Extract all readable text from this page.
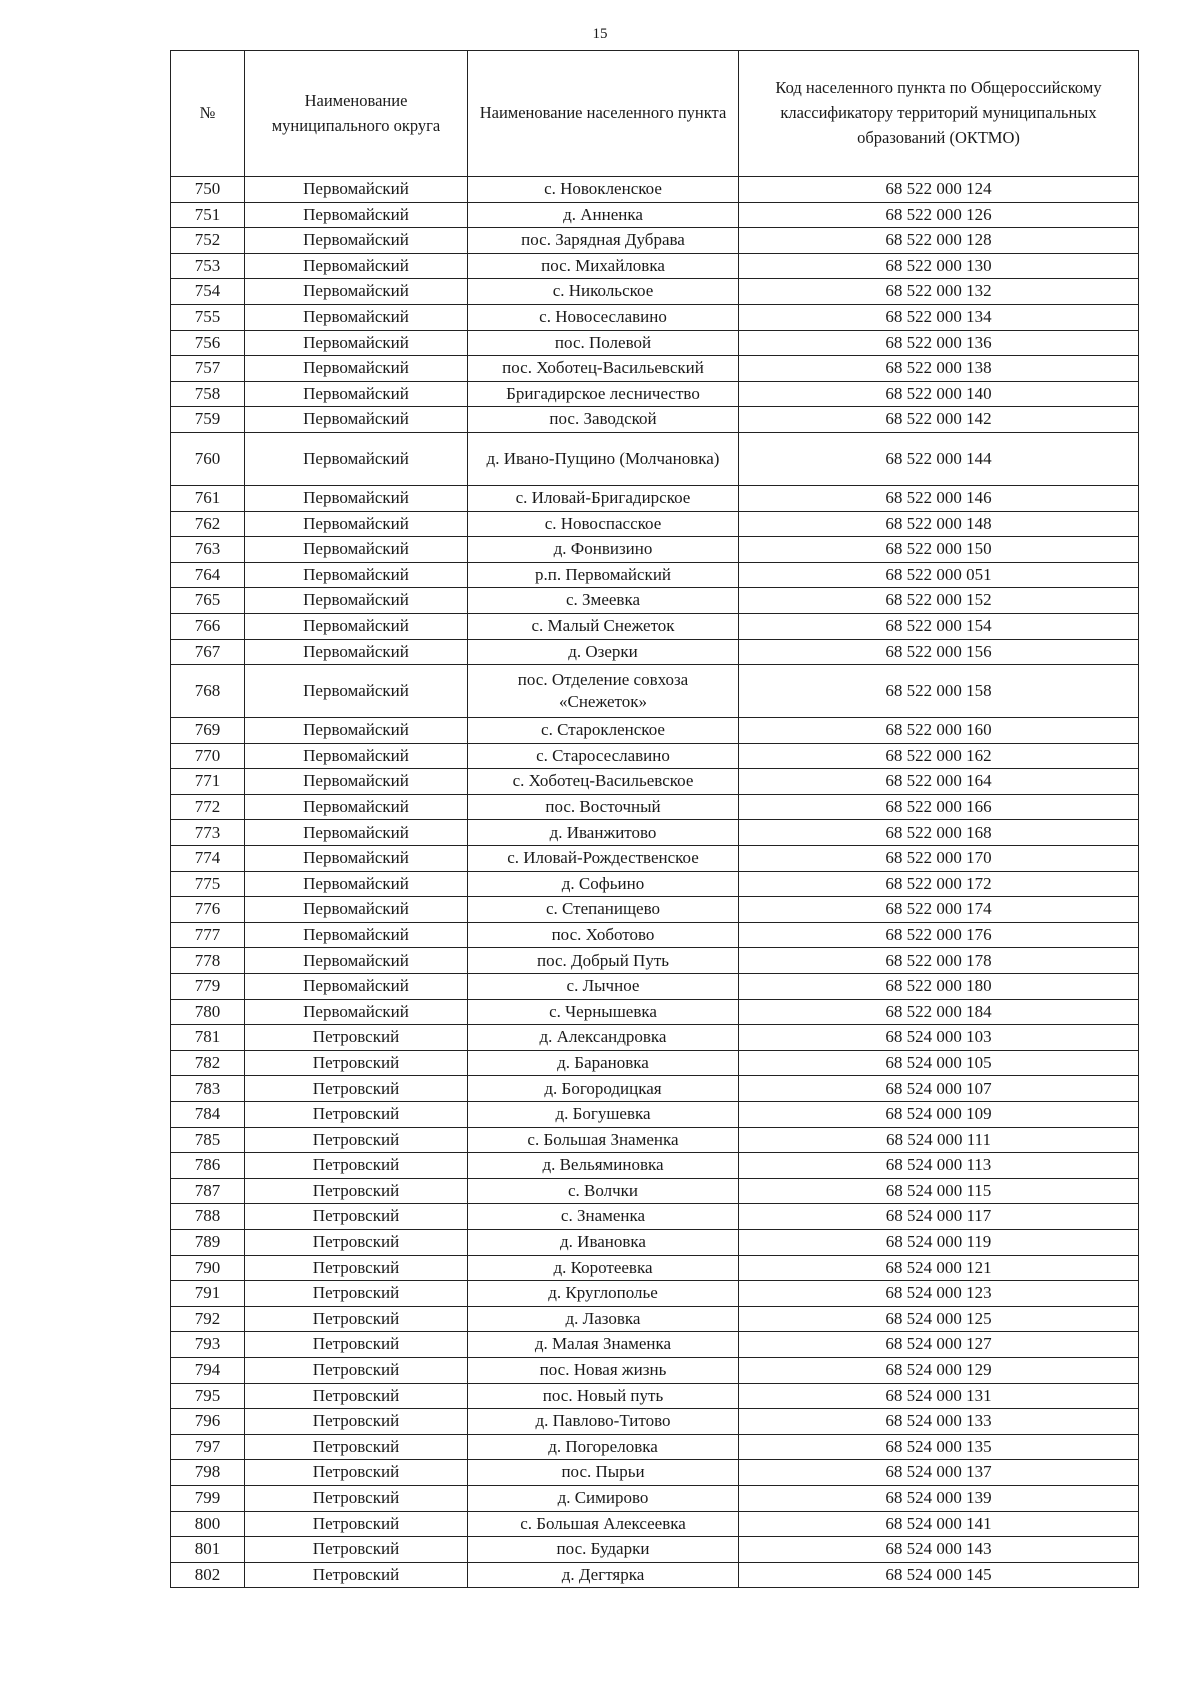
15
№	Наименование муниципального округа	Наименование населенного пункта	Код населенного пункта по Общероссийскому классификатору территорий муниципальных образований (ОКТМО)
750	Первомайский	с. Новокленское	68 522 000 124
751	Первомайский	д. Анненка	68 522 000 126
752	Первомайский	пос. Зарядная Дубрава	68 522 000 128
753	Первомайский	пос. Михайловка	68 522 000 130
754	Первомайский	с. Никольское	68 522 000 132
755	Первомайский	с. Новосеславино	68 522 000 134
756	Первомайский	пос. Полевой	68 522 000 136
757	Первомайский	пос. Хоботец-Васильевский	68 522 000 138
758	Первомайский	Бригадирское лесничество	68 522 000 140
759	Первомайский	пос. Заводской	68 522 000 142
760	Первомайский	д. Ивано-Пущино (Молчановка)	68 522 000 144
761	Первомайский	с. Иловай-Бригадирское	68 522 000 146
762	Первомайский	с. Новоспасское	68 522 000 148
763	Первомайский	д. Фонвизино	68 522 000 150
764	Первомайский	р.п. Первомайский	68 522 000 051
765	Первомайский	с. Змеевка	68 522 000 152
766	Первомайский	с. Малый Снежеток	68 522 000 154
767	Первомайский	д. Озерки	68 522 000 156
768	Первомайский	пос. Отделение совхоза «Снежеток»	68 522 000 158
769	Первомайский	с. Старокленское	68 522 000 160
770	Первомайский	с. Старосеславино	68 522 000 162
771	Первомайский	с. Хоботец-Васильевское	68 522 000 164
772	Первомайский	пос. Восточный	68 522 000 166
773	Первомайский	д. Иванжитово	68 522 000 168
774	Первомайский	с. Иловай-Рождественское	68 522 000 170
775	Первомайский	д. Софьино	68 522 000 172
776	Первомайский	с. Степанищево	68 522 000 174
777	Первомайский	пос. Хоботово	68 522 000 176
778	Первомайский	пос. Добрый Путь	68 522 000 178
779	Первомайский	с. Лычное	68 522 000 180
780	Первомайский	с. Чернышевка	68 522 000 184
781	Петровский	д. Александровка	68 524 000 103
782	Петровский	д. Барановка	68 524 000 105
783	Петровский	д. Богородицкая	68 524 000 107
784	Петровский	д. Богушевка	68 524 000 109
785	Петровский	с. Большая Знаменка	68 524 000 111
786	Петровский	д. Вельяминовка	68 524 000 113
787	Петровский	с. Волчки	68 524 000 115
788	Петровский	с. Знаменка	68 524 000 117
789	Петровский	д. Ивановка	68 524 000 119
790	Петровский	д. Коротеевка	68 524 000 121
791	Петровский	д. Круглополье	68 524 000 123
792	Петровский	д. Лазовка	68 524 000 125
793	Петровский	д. Малая Знаменка	68 524 000 127
794	Петровский	пос. Новая жизнь	68 524 000 129
795	Петровский	пос. Новый путь	68 524 000 131
796	Петровский	д. Павлово-Титово	68 524 000 133
797	Петровский	д. Погореловка	68 524 000 135
798	Петровский	пос. Пырьи	68 524 000 137
799	Петровский	д. Симирово	68 524 000 139
800	Петровский	с. Большая Алексеевка	68 524 000 141
801	Петровский	пос. Бударки	68 524 000 143
802	Петровский	д. Дегтярка	68 524 000 145
